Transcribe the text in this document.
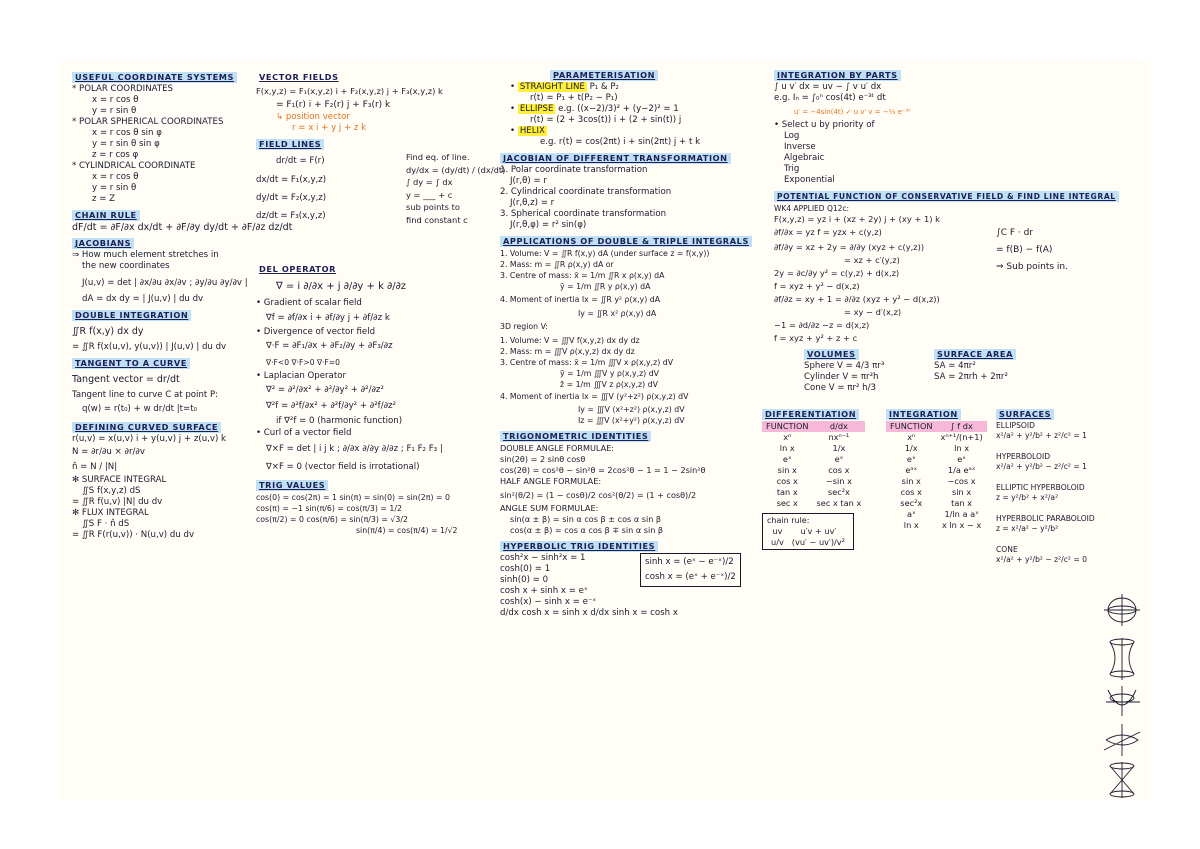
USEFUL COORDINATE SYSTEMS
* POLAR COORDINATES
x = r cos θ
y = r sin θ
* POLAR SPHERICAL COORDINATES
x = r cos θ sin φ
y = r sin θ sin φ
z = r cos φ
* CYLINDRICAL COORDINATE
x = r cos θ
y = r sin θ
z = Z
CHAIN RULE
dF/dt = ∂F/∂x dx/dt + ∂F/∂y dy/dt + ∂F/∂z dz/dt
JACOBIANS
⇒ How much element stretches in
the new coordinates
J(u,v) = det | ∂x/∂u ∂x/∂v ; ∂y/∂u ∂y/∂v |
dA = dx dy = | J(u,v) | du dv
DOUBLE INTEGRATION
∬R f(x,y) dx dy
= ∬R f(x(u,v), y(u,v)) | J(u,v) | du dv
TANGENT TO A CURVE
Tangent vector = dr/dt
Tangent line to curve C at point P:
q(w) = r(t₀) + w dr/dt |t=t₀
DEFINING CURVED SURFACE
r(u,v) = x(u,v) i + y(u,v) j + z(u,v) k
N = ∂r/∂u × ∂r/∂v
n̂ = N / |N|
✻ SURFACE INTEGRAL
∬S f(x,y,z) dS
= ∬R f(u,v) |N| du dv
✻ FLUX INTEGRAL
∬S F · n̂ dS
= ∬R F(r(u,v)) · N(u,v) du dv
VECTOR FIELDS
F(x,y,z) = F₁(x,y,z) i + F₂(x,y,z) j + F₃(x,y,z) k
= F₁(r) i + F₂(r) j + F₃(r) k
↳ position vector
r = x i + y j + z k
FIELD LINES
dr/dt = F(r)
dx/dt = F₁(x,y,z)
dy/dt = F₂(x,y,z)
dz/dt = F₃(x,y,z)
Find eq. of line.
dy/dx = (dy/dt) / (dx/dt)
∫ dy = ∫ dx
y = ___ + c
sub points to
find constant c
DEL OPERATOR
∇ = i ∂/∂x + j ∂/∂y + k ∂/∂z
• Gradient of scalar field
∇f = ∂f/∂x i + ∂f/∂y j + ∂f/∂z k
• Divergence of vector field
∇·F = ∂F₁/∂x + ∂F₂/∂y + ∂F₃/∂z
∇·F<0 ∇·F>0 ∇·F=0
• Laplacian Operator
∇² = ∂²/∂x² + ∂²/∂y² + ∂²/∂z²
∇²f = ∂²f/∂x² + ∂²f/∂y² + ∂²f/∂z²
if ∇²f = 0 (harmonic function)
• Curl of a vector field
∇×F = det | i j k ; ∂/∂x ∂/∂y ∂/∂z ; F₁ F₂ F₃ |
∇×F = 0 (vector field is irrotational)
TRIG VALUES
cos(0) = cos(2π) = 1 sin(π) = sin(0) = sin(2π) = 0
cos(π) = −1 sin(π/6) = cos(π/3) = 1/2
cos(π/2) = 0 cos(π/6) = sin(π/3) = √3/2
sin(π/4) = cos(π/4) = 1/√2
PARAMETERISATION
• STRAIGHT LINE P₁ & P₂
r(t) = P₁ + t(P₂ − P₁)
• ELLIPSE e.g. ((x−2)/3)² + (y−2)² = 1
r(t) = (2 + 3cos(t)) i + (2 + sin(t)) j
• HELIX
e.g. r(t) = cos(2πt) i + sin(2πt) j + t k
JACOBIAN OF DIFFERENT TRANSFORMATION
1. Polar coordinate transformation
J(r,θ) = r
2. Cylindrical coordinate transformation
J(r,θ,z) = r
3. Spherical coordinate transformation
J(r,θ,φ) = r² sin(φ)
APPLICATIONS OF DOUBLE & TRIPLE INTEGRALS
1. Volume: V = ∬R f(x,y) dA (under surface z = f(x,y))
2. Mass: m = ∬R ρ(x,y) dA or
3. Centre of mass: x̄ = 1/m ∬R x ρ(x,y) dA
ȳ = 1/m ∬R y ρ(x,y) dA
4. Moment of inertia Ix = ∬R y² ρ(x,y) dA
Iy = ∬R x² ρ(x,y) dA
3D region V:
1. Volume: V = ∭V f(x,y,z) dx dy dz
2. Mass: m = ∭V ρ(x,y,z) dx dy dz
3. Centre of mass: x̄ = 1/m ∭V x ρ(x,y,z) dV
ȳ = 1/m ∭V y ρ(x,y,z) dV
z̄ = 1/m ∭V z ρ(x,y,z) dV
4. Moment of inertia Ix = ∭V (y²+z²) ρ(x,y,z) dV
Iy = ∭V (x²+z²) ρ(x,y,z) dV
Iz = ∭V (x²+y²) ρ(x,y,z) dV
TRIGONOMETRIC IDENTITIES
DOUBLE ANGLE FORMULAE:
sin(2θ) = 2 sinθ cosθ
cos(2θ) = cos²θ − sin²θ = 2cos²θ − 1 = 1 − 2sin²θ
HALF ANGLE FORMULAE:
sin²(θ/2) = (1 − cosθ)/2 cos²(θ/2) = (1 + cosθ)/2
ANGLE SUM FORMULAE:
sin(α ± β) = sin α cos β ± cos α sin β
cos(α ± β) = cos α cos β ∓ sin α sin β
HYPERBOLIC TRIG IDENTITIES
cosh²x − sinh²x = 1
cosh(0) = 1
sinh(0) = 0
cosh x + sinh x = eˣ
cosh(x) − sinh x = e⁻ˣ
d/dx cosh x = sinh x d/dx sinh x = cosh x
sinh x = (eˣ − e⁻ˣ)/2
cosh x = (eˣ + e⁻ˣ)/2
INTEGRATION BY PARTS
∫ u v′ dx = uv − ∫ v u′ dx
e.g. Iₙ = ∫₀ⁿ cos(4t) e⁻³ᵗ dt
u′ = −4sin(4t) ✓ u v′ v = −⅓ e⁻³ᵗ
• Select u by priority of
Log
Inverse
Algebraic
Trig
Exponential
POTENTIAL FUNCTION OF CONSERVATIVE FIELD & FIND LINE INTEGRAL
WK4 APPLIED Q12c:
F(x,y,z) = yz i + (xz + 2y) j + (xy + 1) k
∂f/∂x = yz f = yzx + c(y,z)
∂f/∂y = xz + 2y = ∂/∂y (xyz + c(y,z))
= xz + c′(y,z)
2y = ∂c/∂y y² = c(y,z) + d(x,z)
f = xyz + y² − d(x,z)
∂f/∂z = xy + 1 = ∂/∂z (xyz + y² − d(x,z))
= xy − d′(x,z)
−1 = ∂d/∂z −z = d(x,z)
f = xyz + y² + z + c
∫C F · dr
= f(B) − f(A)
⇒ Sub points in.
VOLUMES
Sphere V = 4/3 πr³
Cylinder V = πr²h
Cone V = πr² h/3
SURFACE AREA
SA = 4πr²
SA = 2πrh + 2πr²
DIFFERENTIATION
FUNCTION	d/dx
xⁿ	nxⁿ⁻¹
ln x	1/x
eˣ	eˣ
sin x	cos x
cos x	−sin x
tan x	sec²x
sec x	sec x tan x
chain rule:
uv	u′v + uv′
u/v	(vu′ − uv′)/v²
INTEGRATION
FUNCTION	∫ f dx
xⁿ	xⁿ⁺¹/(n+1)
1/x	ln x
eˣ	eˣ
eᵃˣ	1/a eᵃˣ
sin x	−cos x
cos x	sin x
sec²x	tan x
aˣ	1/ln a aˣ
ln x	x ln x − x
SURFACES
ELLIPSOID
x²/a² + y²/b² + z²/c² = 1
HYPERBOLOID
x²/a² + y²/b² − z²/c² = 1
ELLIPTIC HYPERBOLOID
z = y²/b² + x²/a²
HYPERBOLIC PARABOLOID
z = x²/a² − y²/b²
CONE
x²/a² + y²/b² − z²/c² = 0
